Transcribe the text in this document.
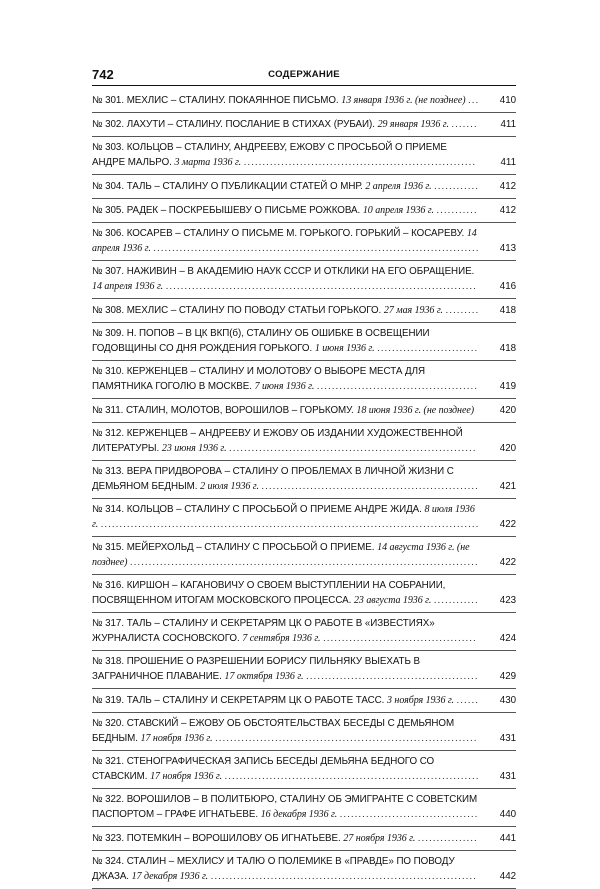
742	СОДЕРЖАНИЕ
№ 301. МЕХЛИС – СТАЛИНУ. ПОКАЯННОЕ ПИСЬМО. 13 января 1936 г. (не позднее) ... 410
№ 302. ЛАХУТИ – СТАЛИНУ. ПОСЛАНИЕ В СТИХАХ (РУБАИ). 29 января 1936 г. ....... 411
№ 303. КОЛЬЦОВ – СТАЛИНУ, АНДРЕЕВУ, ЕЖОВУ С ПРОСЬБОЙ О ПРИЕМЕ АНДРЕ МАЛЬРО. 3 марта 1936 г. .............................................................. 411
№ 304. ТАЛЬ – СТАЛИНУ О ПУБЛИКАЦИИ СТАТЕЙ О МНР. 2 апреля 1936 г. ............ 412
№ 305. РАДЕК – ПОСКРЕБЫШЕВУ О ПИСЬМЕ РОЖКОВА. 10 апреля 1936 г. ........... 412
№ 306. КОСАРЕВ – СТАЛИНУ О ПИСЬМЕ М. ГОРЬКОГО. ГОРЬКИЙ – КОСАРЕВУ. 14 апреля 1936 г. ....................................................................................... 413
№ 307. НАЖИВИН – В АКАДЕМИЮ НАУК СССР И ОТКЛИКИ НА ЕГО ОБРАЩЕНИЕ. 14 апреля 1936 г. ................................................................................... 416
№ 308. МЕХЛИС – СТАЛИНУ ПО ПОВОДУ СТАТЬИ ГОРЬКОГО. 27 мая 1936 г. ......... 418
№ 309. Н. ПОПОВ – В ЦК ВКП(б), СТАЛИНУ ОБ ОШИБКЕ В ОСВЕЩЕНИИ ГОДОВЩИНЫ СО ДНЯ РОЖДЕНИЯ ГОРЬКОГО. 1 июня 1936 г. ........................... 418
№ 310. КЕРЖЕНЦЕВ – СТАЛИНУ И МОЛОТОВУ О ВЫБОРЕ МЕСТА ДЛЯ ПАМЯТНИКА ГОГОЛЮ В МОСКВЕ. 7 июня 1936 г. ........................................... 419
№ 311. СТАЛИН, МОЛОТОВ, ВОРОШИЛОВ – ГОРЬКОМУ. 18 июня 1936 г. (не позднее)	420
№ 312. КЕРЖЕНЦЕВ – АНДРЕЕВУ И ЕЖОВУ ОБ ИЗДАНИИ ХУДОЖЕСТВЕННОЙ ЛИТЕРАТУРЫ. 23 июня 1936 г. .................................................................. 420
№ 313. ВЕРА ПРИДВОРОВА – СТАЛИНУ О ПРОБЛЕМАХ В ЛИЧНОЙ ЖИЗНИ С ДЕМЬЯНОМ БЕДНЫМ. 2 июля 1936 г. .......................................................... 421
№ 314. КОЛЬЦОВ – СТАЛИНУ С ПРОСЬБОЙ О ПРИЕМЕ АНДРЕ ЖИДА. 8 июля 1936 г. ..................................................................................................... 422
№ 315. МЕЙЕРХОЛЬД – СТАЛИНУ С ПРОСЬБОЙ О ПРИЕМЕ. 14 августа 1936 г. (не позднее) ............................................................................................. 422
№ 316. КИРШОН – КАГАНОВИЧУ О СВОЕМ ВЫСТУПЛЕНИИ НА СОБРАНИИ, ПОСВЯЩЕННОМ ИТОГАМ МОСКОВСКОГО ПРОЦЕССА. 23 августа 1936 г. ............ 423
№ 317. ТАЛЬ – СТАЛИНУ И СЕКРЕТАРЯМ ЦК О РАБОТЕ В «ИЗВЕСТИЯХ» ЖУРНАЛИСТА СОСНОВСКОГО. 7 сентября 1936 г. ......................................... 424
№ 318. ПРОШЕНИЕ О РАЗРЕШЕНИИ БОРИСУ ПИЛЬНЯКУ ВЫЕХАТЬ В ЗАГРАНИЧНОЕ ПЛАВАНИЕ. 17 октября 1936 г. .............................................. 429
№ 319. ТАЛЬ – СТАЛИНУ И СЕКРЕТАРЯМ ЦК О РАБОТЕ ТАСС. 3 ноября 1936 г. ...... 430
№ 320. СТАВСКИЙ – ЕЖОВУ ОБ ОБСТОЯТЕЛЬСТВАХ БЕСЕДЫ С ДЕМЬЯНОМ БЕДНЫМ. 17 ноября 1936 г. ...................................................................... 431
№ 321. СТЕНОГРАФИЧЕСКАЯ ЗАПИСЬ БЕСЕДЫ ДЕМЬЯНА БЕДНОГО СО СТАВСКИМ. 17 ноября 1936 г. .................................................................... 431
№ 322. ВОРОШИЛОВ – В ПОЛИТБЮРО, СТАЛИНУ ОБ ЭМИГРАНТЕ С СОВЕТСКИМ ПАСПОРТОМ – ГРАФЕ ИГНАТЬЕВЕ. 16 декабря 1936 г. ..................................... 440
№ 323. ПОТЕМКИН – ВОРОШИЛОВУ ОБ ИГНАТЬЕВЕ. 27 ноября 1936 г. ................ 441
№ 324. СТАЛИН – МЕХЛИСУ И ТАЛЮ О ПОЛЕМИКЕ В «ПРАВДЕ» ПО ПОВОДУ ДЖАЗА. 17 декабря 1936 г. ....................................................................... 442
